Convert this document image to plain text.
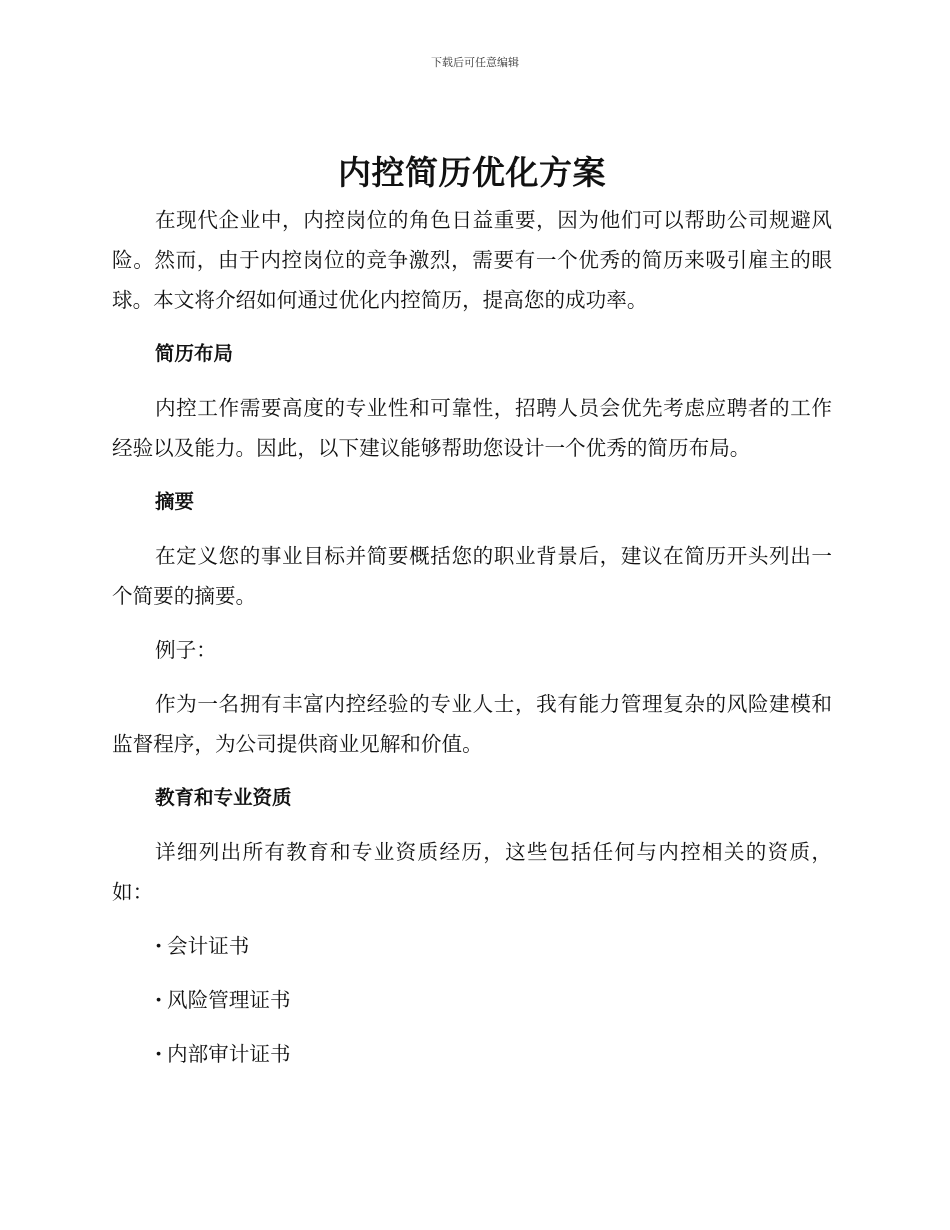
下载后可任意编辑
内控简历优化方案

在现代企业中，内控岗位的角色日益重要，因为他们可以帮助公司规避风险。然而，由于内控岗位的竞争激烈，需要有一个优秀的简历来吸引雇主的眼球。本文将介绍如何通过优化内控简历，提高您的成功率。

简历布局

内控工作需要高度的专业性和可靠性，招聘人员会优先考虑应聘者的工作经验以及能力。因此，以下建议能够帮助您设计一个优秀的简历布局。

摘要

在定义您的事业目标并简要概括您的职业背景后，建议在简历开头列出一个简要的摘要。

例子：

作为一名拥有丰富内控经验的专业人士，我有能力管理复杂的风险建模和监督程序，为公司提供商业见解和价值。

教育和专业资质

详细列出所有教育和专业资质经历，这些包括任何与内控相关的资质，如：

· 会计证书
· 风险管理证书
· 内部审计证书
